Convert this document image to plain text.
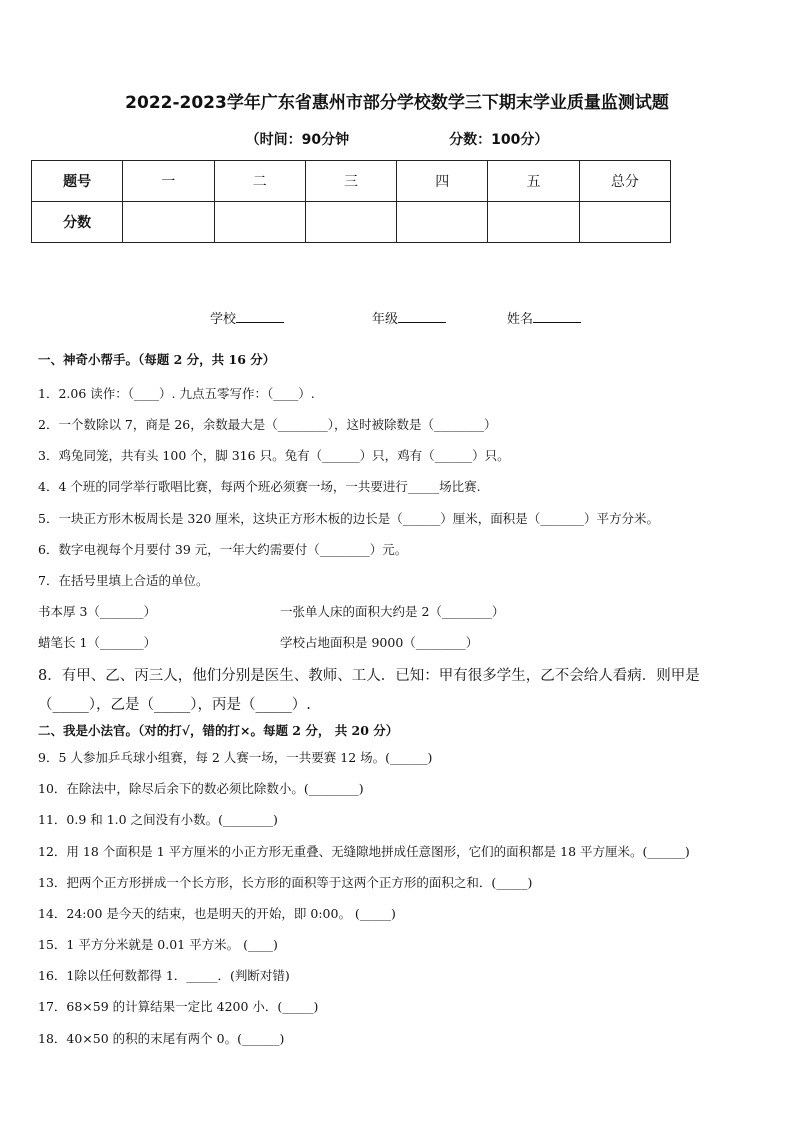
2022-2023学年广东省惠州市部分学校数学三下期末学业质量监测试题
（时间：90分钟	分数：100分）
题号	一	二	三	四	五	总分
分数						
学校	年级	姓名
一、神奇小帮手。（每题 2 分，共 16 分）
1．2.06 读作：（____）. 九点五零写作：（____）.
2．一个数除以 7，商是 26，余数最大是（________），这时被除数是（________）
3．鸡兔同笼，共有头 100 个，脚 316 只。兔有（______）只，鸡有（______）只。
4．4 个班的同学举行歌唱比赛，每两个班必须赛一场，一共要进行_____场比赛.
5．一块正方形木板周长是 320 厘米，这块正方形木板的边长是（______）厘米，面积是（_______）平方分米。
6．数字电视每个月要付 39 元，一年大约需要付（________）元。
7．在括号里填上合适的单位。
书本厚 3（_______）	一张单人床的面积大约是 2（________）
蜡笔长 1（_______）	学校占地面积是 9000（________）
8．有甲、乙、丙三人，他们分别是医生、教师、工人．已知：甲有很多学生，乙不会给人看病．则甲是
（_____），乙是（_____），丙是（_____）.
二、我是小法官。（对的打√，错的打×。每题 2 分， 共 20 分）
9．5 人参加乒乓球小组赛，每 2 人赛一场，一共要赛 12 场。(______)
10．在除法中，除尽后余下的数必须比除数小。(________)
11．0.9 和 1.0 之间没有小数。(________)
12．用 18 个面积是 1 平方厘米的小正方形无重叠、无缝隙地拼成任意图形，它们的面积都是 18 平方厘米。(______)
13．把两个正方形拼成一个长方形，长方形的面积等于这两个正方形的面积之和．(_____)
14．24:00 是今天的结束，也是明天的开始，即 0:00。 (_____)
15．1 平方分米就是 0.01 平方米。 (____)
16．1除以任何数都得 1．_____．(判断对错)
17．68×59 的计算结果一定比 4200 小．(_____)
18．40×50 的积的末尾有两个 0。(______)
